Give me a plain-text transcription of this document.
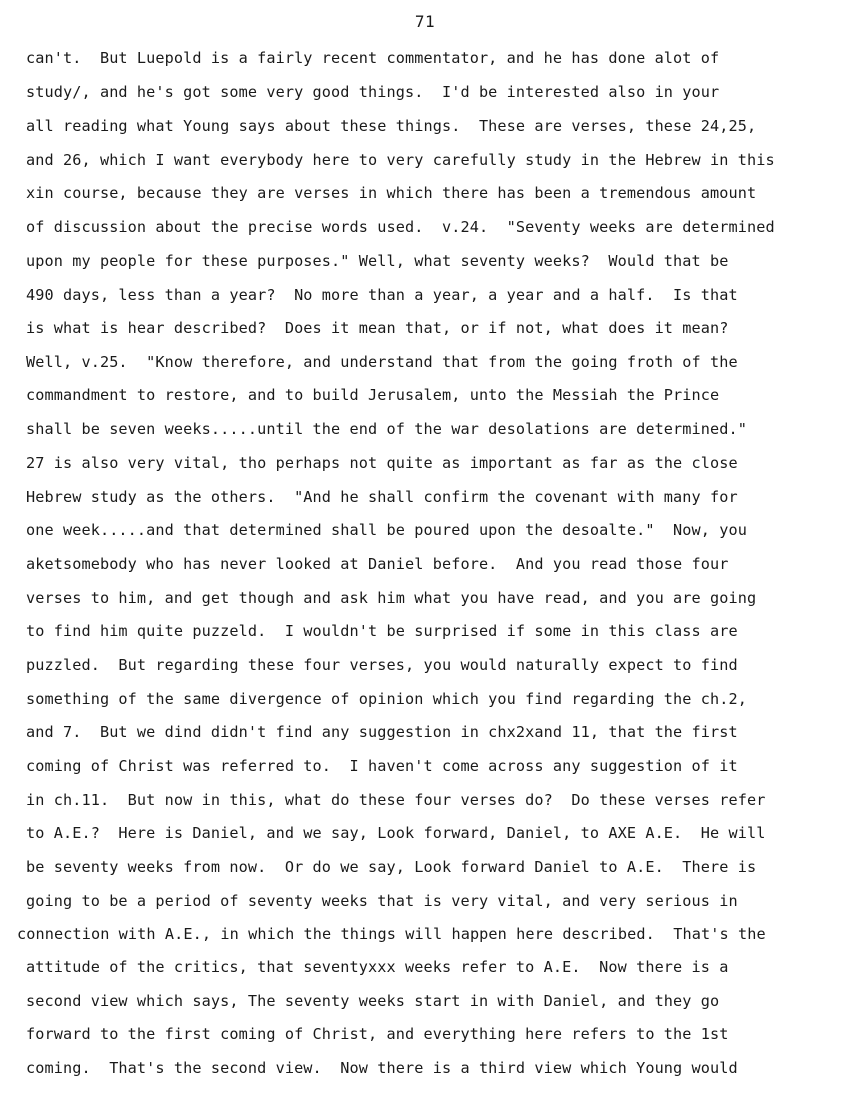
71
can't.  But Luepold is a fairly recent commentator, and he has done alot of
study/, and he's got some very good things.  I'd be interested also in your
all reading what Young says about these things.  These are verses, these 24,25,
and 26, which I want everybody here to very carefully study in the Hebrew in this
xin course, because they are verses in which there has been a tremendous amount
of discussion about the precise words used.  v.24.  "Seventy weeks are determined
upon my people for these purposes." Well, what seventy weeks?  Would that be
490 days, less than a year?  No more than a year, a year and a half.  Is that
is what is hear described?  Does it mean that, or if not, what does it mean?
Well, v.25.  "Know therefore, and understand that from the going froth of the
commandment to restore, and to build Jerusalem, unto the Messiah the Prince
shall be seven weeks.....until the end of the war desolations are determined."
27 is also very vital, tho perhaps not quite as important as far as the close
Hebrew study as the others.  "And he shall confirm the covenant with many for
one week.....and that determined shall be poured upon the desoalte."  Now, you
aketsomebody who has never looked at Daniel before.  And you read those four
verses to him, and get though and ask him what you have read, and you are going
to find him quite puzzeld.  I wouldn't be surprised if some in this class are
puzzled.  But regarding these four verses, you would naturally expect to find
something of the same divergence of opinion which you find regarding the ch.2,
and 7.  But we dind didn't find any suggestion in chx2xand 11, that the first
coming of Christ was referred to.  I haven't come across any suggestion of it
in ch.11.  But now in this, what do these four verses do?  Do these verses refer
to A.E.?  Here is Daniel, and we say, Look forward, Daniel, to AXE A.E.  He will
be seventy weeks from now.  Or do we say, Look forward Daniel to A.E.  There is
going to be a period of seventy weeks that is very vital, and very serious in
connection with A.E., in which the things will happen here described.  That's the
attitude of the critics, that seventyxxx weeks refer to A.E.  Now there is a
second view which says, The seventy weeks start in with Daniel, and they go
forward to the first coming of Christ, and everything here refers to the 1st
coming.  That's the second view.  Now there is a third view which Young would
